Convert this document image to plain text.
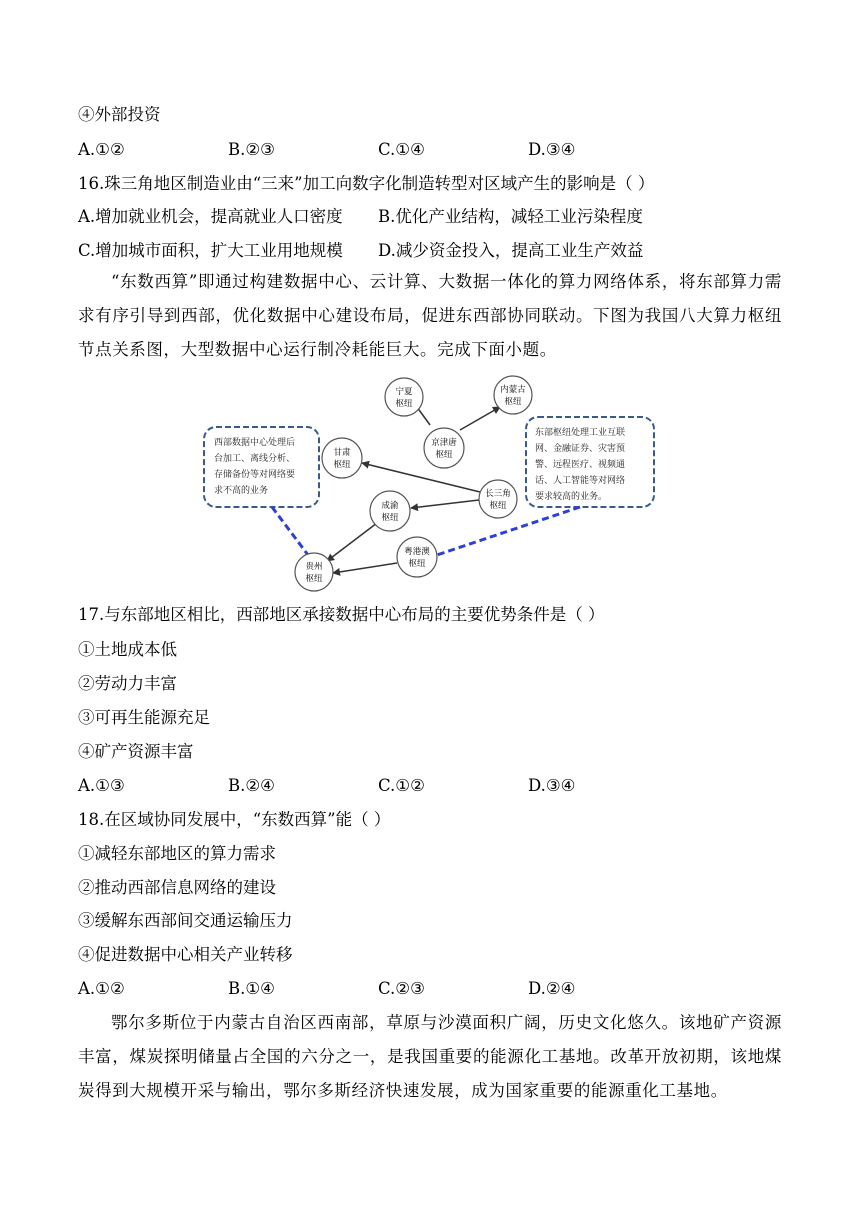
④外部投资
A.①②	B.②③	C.①④	D.③④
16.珠三角地区制造业由“三来”加工向数字化制造转型对区域产生的影响是（ ）
A.增加就业机会，提高就业人口密度 B.优化产业结构，减轻工业污染程度
C.增加城市面积，扩大工业用地规模 D.减少资金投入，提高工业生产效益
“东数西算”即通过构建数据中心、云计算、大数据一体化的算力网络体系，将东部算力需求有序引导到西部，优化数据中心建设布局，促进东西部协同联动。下图为我国八大算力枢纽节点关系图，大型数据中心运行制冷耗能巨大。完成下面小题。
西部数据中心处理后 台加工、离线分析、 存储备份等对网络要 求不高的业务
东部枢纽处理工业互联 网、金融证券、灾害预 警、远程医疗、视频通 话、人工智能等对网络 要求较高的业务。
宁夏
枢纽
内蒙古
枢纽
京津唐
枢纽
甘肃
枢纽
长三角
枢纽
成渝
枢纽
粤港澳
枢纽
贵州
枢纽
17.与东部地区相比，西部地区承接数据中心布局的主要优势条件是（ ）
①土地成本低
②劳动力丰富
③可再生能源充足
④矿产资源丰富
A.①③	B.②④	C.①②	D.③④
18.在区域协同发展中，“东数西算”能（ ）
①减轻东部地区的算力需求
②推动西部信息网络的建设
③缓解东西部间交通运输压力
④促进数据中心相关产业转移
A.①②	B.①④	C.②③	D.②④
鄂尔多斯位于内蒙古自治区西南部，草原与沙漠面积广阔，历史文化悠久。该地矿产资源丰富，煤炭探明储量占全国的六分之一，是我国重要的能源化工基地。改革开放初期，该地煤炭得到大规模开采与输出，鄂尔多斯经济快速发展，成为国家重要的能源重化工基地。
